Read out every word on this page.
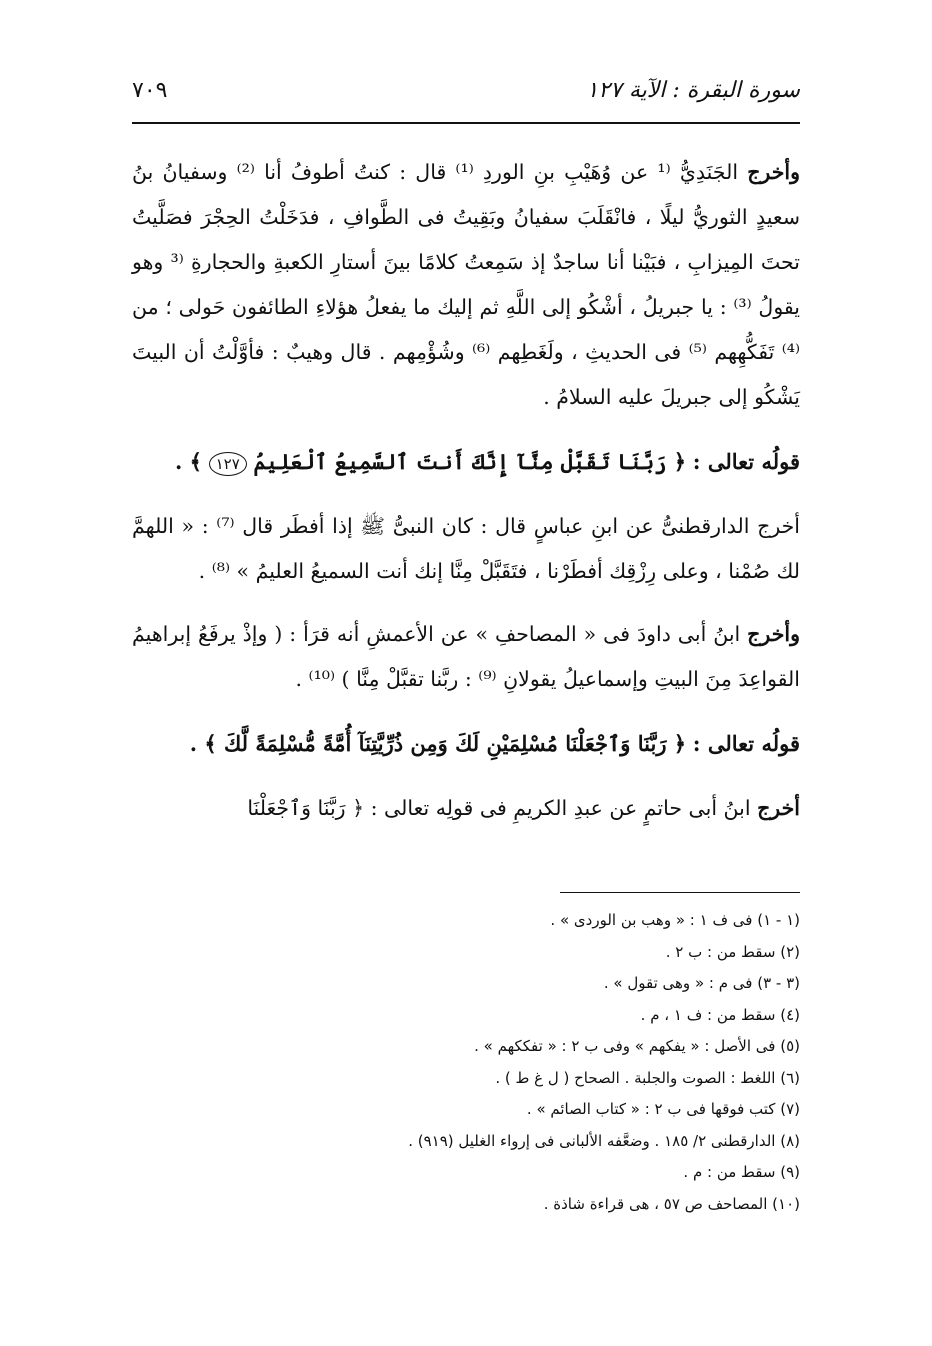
سورة البقرة : الآية ١٢٧
٧٠٩

وأخرج الجَنَدِيُّ ⁽¹ عن وُهَيْبِ بنِ الوردِ ⁽¹⁾ قال : كنتُ أطوفُ أنا ⁽²⁾ وسفيانُ بنُ سعيدٍ الثوريُّ ليلًا ، فانْقَلَبَ سفيانُ وبَقِيتُ فى الطَّوافِ ، فدَخَلْتُ الحِجْرَ فصَلَّيتُ تحتَ المِيزابِ ، فبَيْنا أنا ساجدٌ إذ سَمِعتُ كلامًا بينَ أستارِ الكعبةِ والحجارةِ ⁽³ وهو يقولُ ⁽³⁾ : يا جبريلُ ، أشْكُو إلى اللَّهِ ثم إليك ما يفعلُ هؤلاءِ الطائفون حَولى ؛ من ⁽⁴⁾ تَفَكُّهِهم ⁽⁵⁾ فى الحديثِ ، ولَغَطِهم ⁽⁶⁾ وشُؤْمِهم . قال وهيبٌ : فأوَّلْتُ أن البيتَ يَشْكُو إلى جبريلَ عليه السلامُ .

قولُه تعالى : ﴿ رَبَّنَا تَقَبَّلْ مِنَّآ إِنَّكَ أَنتَ ٱلسَّمِيعُ ٱلْعَلِيمُ ١٢٧ ﴾ .

أخرج الدارقطنىُّ عن ابنِ عباسٍ قال : كان النبىُّ ﷺ إذا أفطَر قال ⁽⁷⁾ : « اللهمَّ لك صُمْنا ، وعلى رِزْقِك أفطَرْنا ، فتَقَبَّلْ مِنَّا إنك أنت السميعُ العليمُ » ⁽⁸⁾ .

وأخرج ابنُ أبى داودَ فى « المصاحفِ » عن الأعمشِ أنه قرَأ : ( وإذْ يرفَعُ إبراهيمُ القواعِدَ مِنَ البيتِ وإسماعيلُ يقولانِ ⁽⁹⁾ : ربَّنا تقبَّلْ مِنَّا ) ⁽¹⁰⁾ .

قولُه تعالى : ﴿ رَبَّنَا وَٱجْعَلْنَا مُسْلِمَيْنِ لَكَ وَمِن ذُرِّيَّتِنَآ أُمَّةً مُّسْلِمَةً لَّكَ ﴾ .

أخرج ابنُ أبى حاتمٍ عن عبدِ الكريمِ فى قولِه تعالى : ﴿ رَبَّنَا وَٱجْعَلْنَا

(١ - ١) فى ف ١ : « وهب بن الوردى » .
(٢) سقط من : ب ٢ .
(٣ - ٣) فى م : « وهى تقول » .
(٤) سقط من : ف ١ ، م .
(٥) فى الأصل : « يفكهم » وفى ب ٢ : « تفككهم » .
(٦) اللغط : الصوت والجلبة . الصحاح ( ل غ ط ) .
(٧) كتب فوقها فى ب ٢ : « كتاب الصائم » .
(٨) الدارقطنى ٢/ ١٨٥ . وضعَّفه الألبانى فى إرواء الغليل (٩١٩) .
(٩) سقط من : م .
(١٠) المصاحف ص ٥٧ ، هى قراءة شاذة .
